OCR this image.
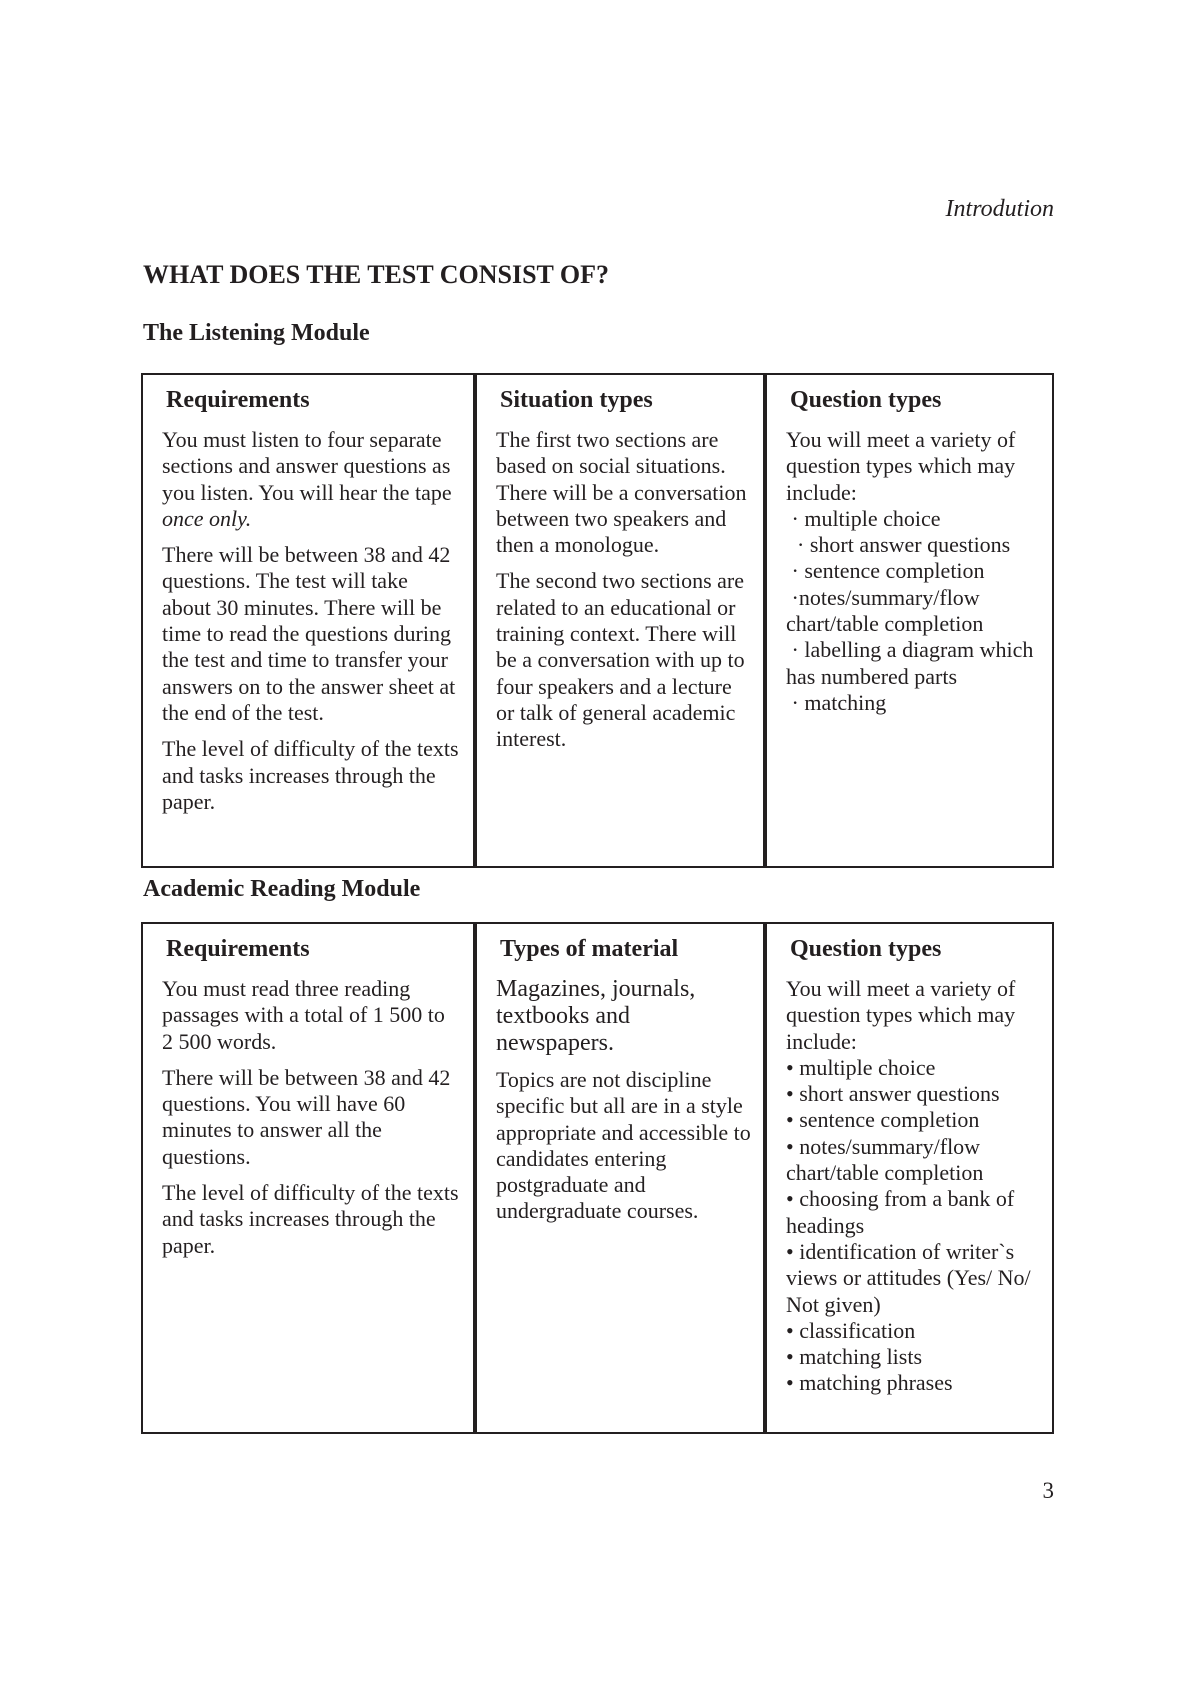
Introdution
WHAT DOES THE TEST CONSIST OF?
The Listening Module
Requirements

You must listen to four separate sections and answer questions as you listen. You will hear the tape once only.

There will be between 38 and 42 questions. The test will take about 30 minutes. There will be time to read the questions during the test and time to transfer your answers on to the answer sheet at the end of the test.

The level of difficulty of the texts and tasks increases through the paper.

Situation types

The first two sections are based on social situations. There will be a conversation between two speakers and then a monologue.

The second two sections are related to an educational or training context. There will be a conversation with up to four speakers and a lecture or talk of general academic interest.

Question types

You will meet a variety of question types which may include:

· multiple choice
· short answer questions
· sentence completion
·notes/summary/flow chart/table completion
· labelling a diagram which has numbered parts
· matching
Academic Reading Module
Requirements

You must read three reading passages with a total of 1 500 to 2 500 words.

There will be between 38 and 42 questions. You will have 60 minutes to answer all the questions.

The level of difficulty of the texts and tasks increases through the paper.

Types of material

Magazines, journals, textbooks and newspapers.

Topics are not discipline specific but all are in a style appropriate and accessible to candidates entering postgraduate and undergraduate courses.

Question types

You will meet a variety of question types which may include:

• multiple choice
• short answer questions
• sentence completion
• notes/summary/flow chart/table completion
• choosing from a bank of headings
• identification of writer`s views or attitudes (Yes/ No/ Not given)
• classification
• matching lists
• matching phrases
3
